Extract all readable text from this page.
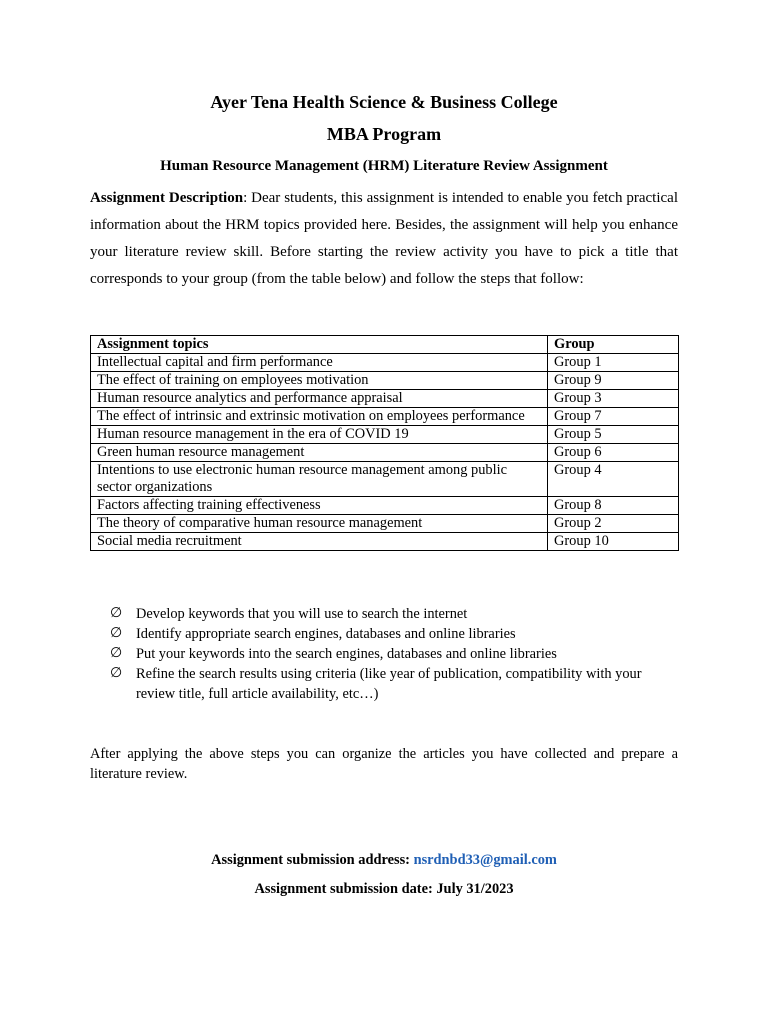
Ayer Tena Health Science & Business College
MBA Program
Human Resource Management (HRM) Literature Review Assignment
Assignment Description: Dear students, this assignment is intended to enable you fetch practical information about the HRM topics provided here. Besides, the assignment will help you enhance your literature review skill. Before starting the review activity you have to pick a title that corresponds to your group (from the table below) and follow the steps that follow:
Assignment topics	Group
Intellectual capital and firm performance	Group 1
The effect of training on employees motivation	Group 9
Human resource analytics and performance appraisal	Group 3
The effect of intrinsic and extrinsic motivation on employees performance	Group 7
Human resource management in the era of COVID 19	Group 5
Green human resource management	Group 6
Intentions to use electronic human resource management among public sector organizations	Group 4
Factors affecting training effectiveness	Group 8
The theory of comparative human resource management	Group 2
Social media recruitment	Group 10
∅ Develop keywords that you will use to search the internet
∅ Identify appropriate search engines, databases and online libraries
∅ Put your keywords into the search engines, databases and online libraries
∅ Refine the search results using criteria (like year of publication, compatibility with your review title, full article availability, etc…)
After applying the above steps you can organize the articles you have collected and prepare a literature review.
Assignment submission address: nsrdnbd33@gmail.com
Assignment submission date: July 31/2023
